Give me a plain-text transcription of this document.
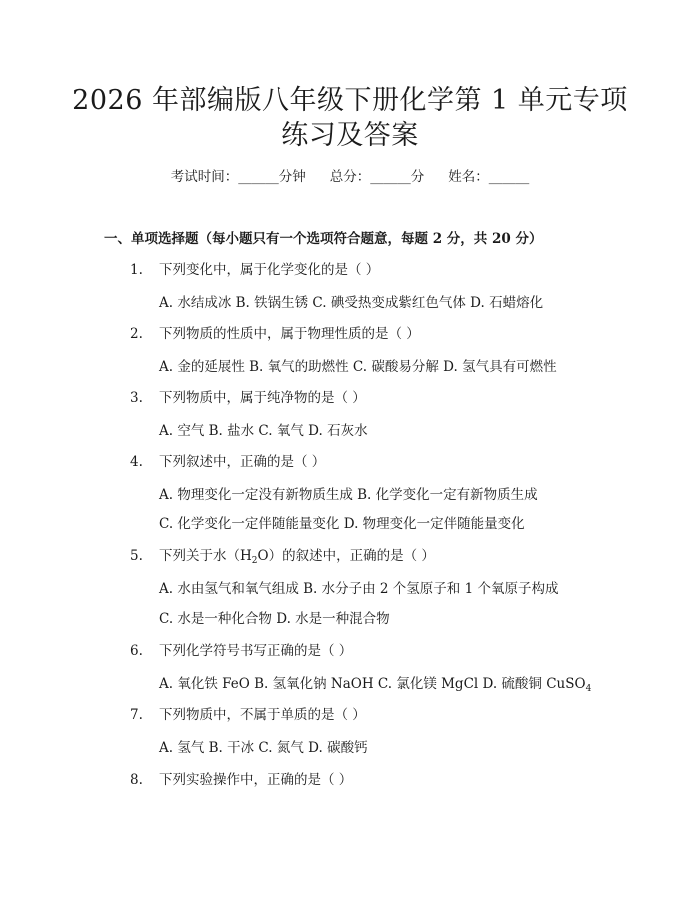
2026 年部编版八年级下册化学第 1 单元专项
练习及答案
考试时间：______分钟 总分：______分 姓名：______
一、单项选择题（每小题只有一个选项符合题意，每题 2 分，共 20 分）
1. 下列变化中，属于化学变化的是（ ）
A. 水结成冰 B. 铁锅生锈 C. 碘受热变成紫红色气体 D. 石蜡熔化
2. 下列物质的性质中，属于物理性质的是（ ）
A. 金的延展性 B. 氧气的助燃性 C. 碳酸易分解 D. 氢气具有可燃性
3. 下列物质中，属于纯净物的是（ ）
A. 空气 B. 盐水 C. 氧气 D. 石灰水
4. 下列叙述中，正确的是（ ）
A. 物理变化一定没有新物质生成 B. 化学变化一定有新物质生成
C. 化学变化一定伴随能量变化 D. 物理变化一定伴随能量变化
5. 下列关于水$(H_2O)$的叙述中，正确的是（ ）
A. 水由氢气和氧气组成 B. 水分子由 2 个氢原子和 1 个氧原子构成
C. 水是一种化合物 D. 水是一种混合物
6. 下列化学符号书写正确的是（ ）
A. 氧化铁 FeO B. 氢氧化钠 NaOH C. 氯化镁 MgCl D. 硫酸铜 CuSO$_4$
7. 下列物质中，不属于单质的是（ ）
A. 氢气 B. 干冰 C. 氮气 D. 碳酸钙
8. 下列实验操作中，正确的是（ ）
